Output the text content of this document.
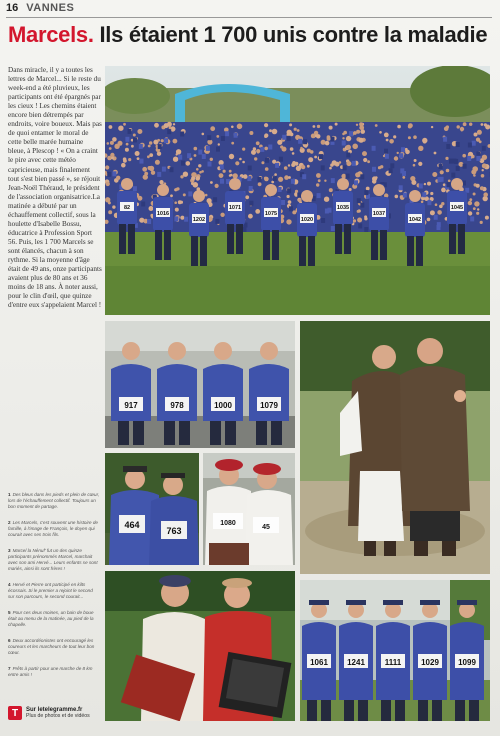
16 VANNES
Marcels. Ils étaient 1 700 unis contre la maladie
Dans miracle, il y a toutes les lettres de Marcel... Si le reste du week-end a été pluvieux, les participants ont été épargnés par les cieux ! Les chemins étaient encore bien détrempés par endroits, voire boueux. Mais pas de quoi entamer le moral de cette belle marée humaine bleue, à Plescop ! « On a craint le pire avec cette météo capricieuse, mais finalement tout s'est bien passé », se réjouit Jean-Noël Théraud, le président de l'association organisatrice.La matinée a débuté par un échauffement collectif, sous la houlette d'Isabelle Bossu, éducatrice à Profession Sport 56. Puis, les 1 700 Marcels se sont élancés, chacun à son rythme. Si la moyenne d'âge était de 49 ans, onze participants avaient plus de 80 ans et 36 moins de 18 ans. À noter aussi, pour le clin d'œil, que quinze d'entre eux s'appelaient Marcel !
82
1016
1202
1071
1075
1020
1035
1037
1042
1045
917	978	1000	1079
464
763
1080
45
1061 1241 1111 1029 1099
1 Des bleus dans les pieds et plein de cœur, lors de l'échauffement collectif. Toujours un bon moment de partage.
2 Les Marcels, c'est souvent une histoire de famille, à l'image de François, le doyen qui courait avec ses trois fils.
3 Marcel la Nénuf' fut un des quinze participants prénommés Marcel, marchait avec son ami Hervé... Leurs enfants se sont mariés, ainsi ils sont frères !
4 Hervé et Pierre ont participé en kilts écossais. Si le premier a rejoint le second sur son parcours, le second courait...
5 Pour ces deux moines, un bain de boue était au menu de la matinée, au pied de la chapelle.
6 Deux accordéonistes ont encouragé les coureurs et les marcheurs de tout leur bon cœur.
7 Prêts à partir pour une marche de 8 km entre amis !
T	Sur letelegramme.fr
Plus de photos et de vidéos
